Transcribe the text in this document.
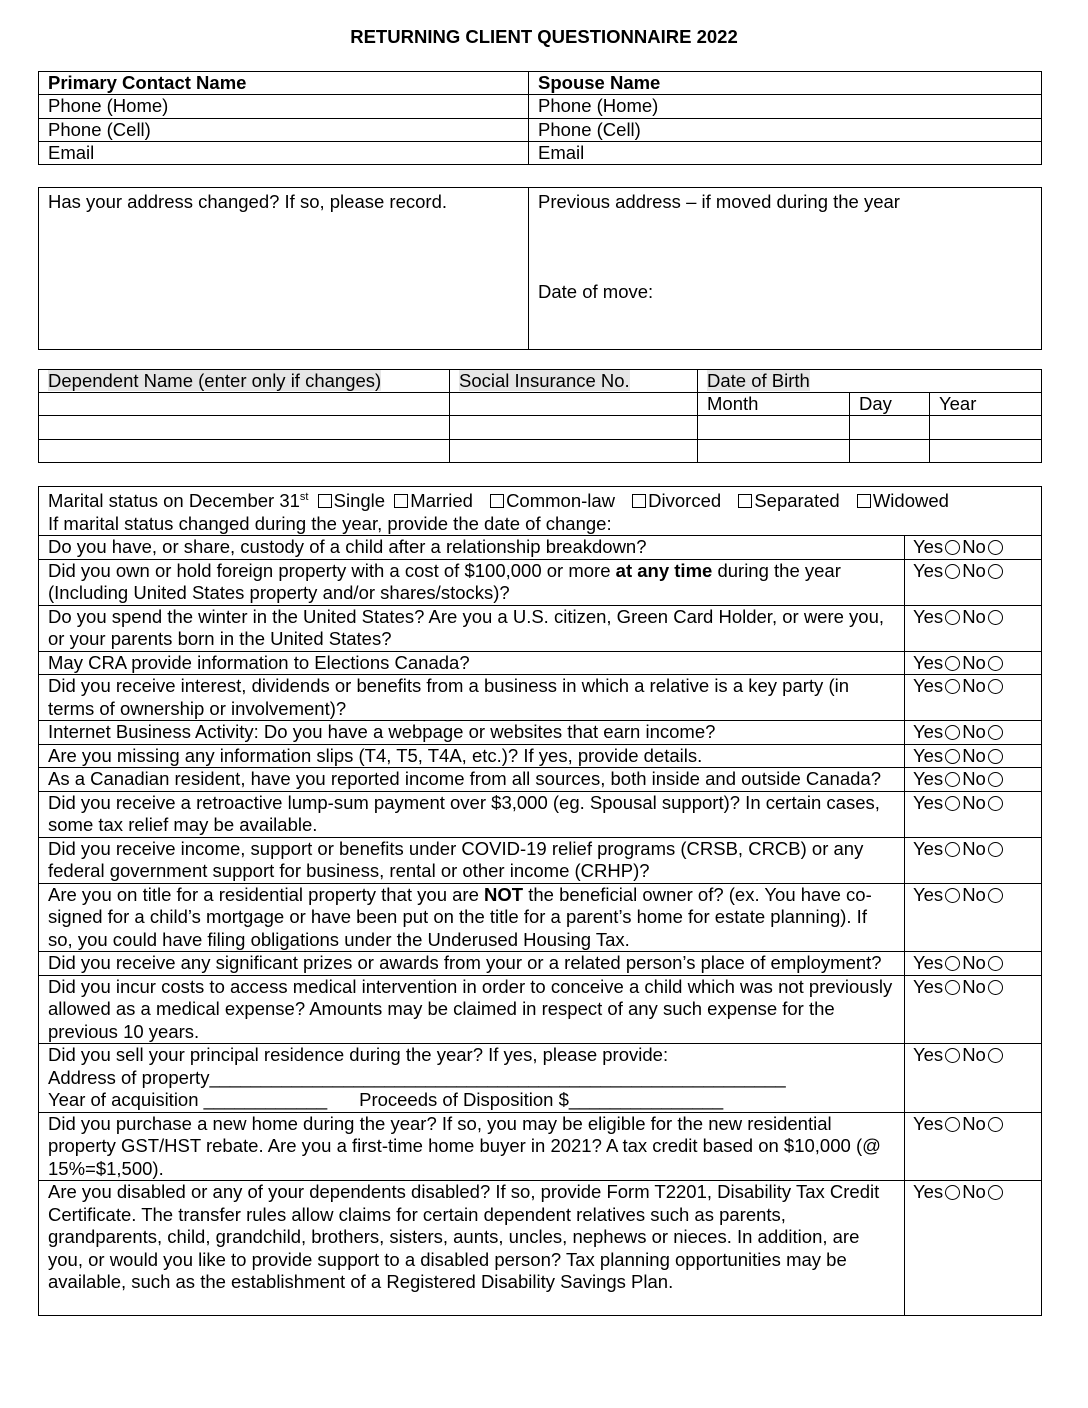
RETURNING CLIENT QUESTIONNAIRE 2022
Primary Contact Name	Spouse Name
Phone (Home)	Phone (Home)
Phone (Cell)	Phone (Cell)
Email	Email
Has your address changed? If so, please record.	Previous address – if moved during the year
Date of move:
Dependent Name (enter only if changes)	Social Insurance No.	Date of Birth		
		Month	Day	Year

Marital status on December 31st Single Married Common-law Divorced Separated Widowed
If marital status changed during the year, provide the date of change:	

Do you have, or share, custody of a child after a relationship breakdown?	Yes No
Did you own or hold foreign property with a cost of $100,000 or more at any time during the year (Including United States property and/or shares/stocks)?	Yes No
Do you spend the winter in the United States? Are you a U.S. citizen, Green Card Holder, or were you, or your parents born in the United States?	Yes No
May CRA provide information to Elections Canada?	Yes No
Did you receive interest, dividends or benefits from a business in which a relative is a key party (in terms of ownership or involvement)?	Yes No
Internet Business Activity: Do you have a webpage or websites that earn income?	Yes No
Are you missing any information slips (T4, T5, T4A, etc.)? If yes, provide details.	Yes No
As a Canadian resident, have you reported income from all sources, both inside and outside Canada?	Yes No
Did you receive a retroactive lump-sum payment over $3,000 (eg. Spousal support)? In certain cases, some tax relief may be available.	Yes No
Did you receive income, support or benefits under COVID-19 relief programs (CRSB, CRCB) or any federal government support for business, rental or other income (CRHP)?	Yes No
Are you on title for a residential property that you are NOT the beneficial owner of? (ex. You have co-signed for a child’s mortgage or have been put on the title for a parent’s home for estate planning). If so, you could have filing obligations under the Underused Housing Tax.	Yes No
Did you receive any significant prizes or awards from your or a related person’s place of employment?	Yes No
Did you incur costs to access medical intervention in order to conceive a child which was not previously allowed as a medical expense? Amounts may be claimed in respect of any such expense for the previous 10 years.	Yes No

Did you sell your principal residence during the year? If yes, please provide:
Address of property________________________________________________________
Year of acquisition ____________ Proceeds of Disposition $_______________	Yes No
Did you purchase a new home during the year? If so, you may be eligible for the new residential property GST/HST rebate. Are you a first-time home buyer in 2021? A tax credit based on $10,000 (@ 15%=$1,500).	Yes No
Are you disabled or any of your dependents disabled? If so, provide Form T2201, Disability Tax Credit Certificate. The transfer rules allow claims for certain dependent relatives such as parents, grandparents, child, grandchild, brothers, sisters, aunts, uncles, nephews or nieces. In addition, are you, or would you like to provide support to a disabled person? Tax planning opportunities may be available, such as the establishment of a Registered Disability Savings Plan.	Yes No
